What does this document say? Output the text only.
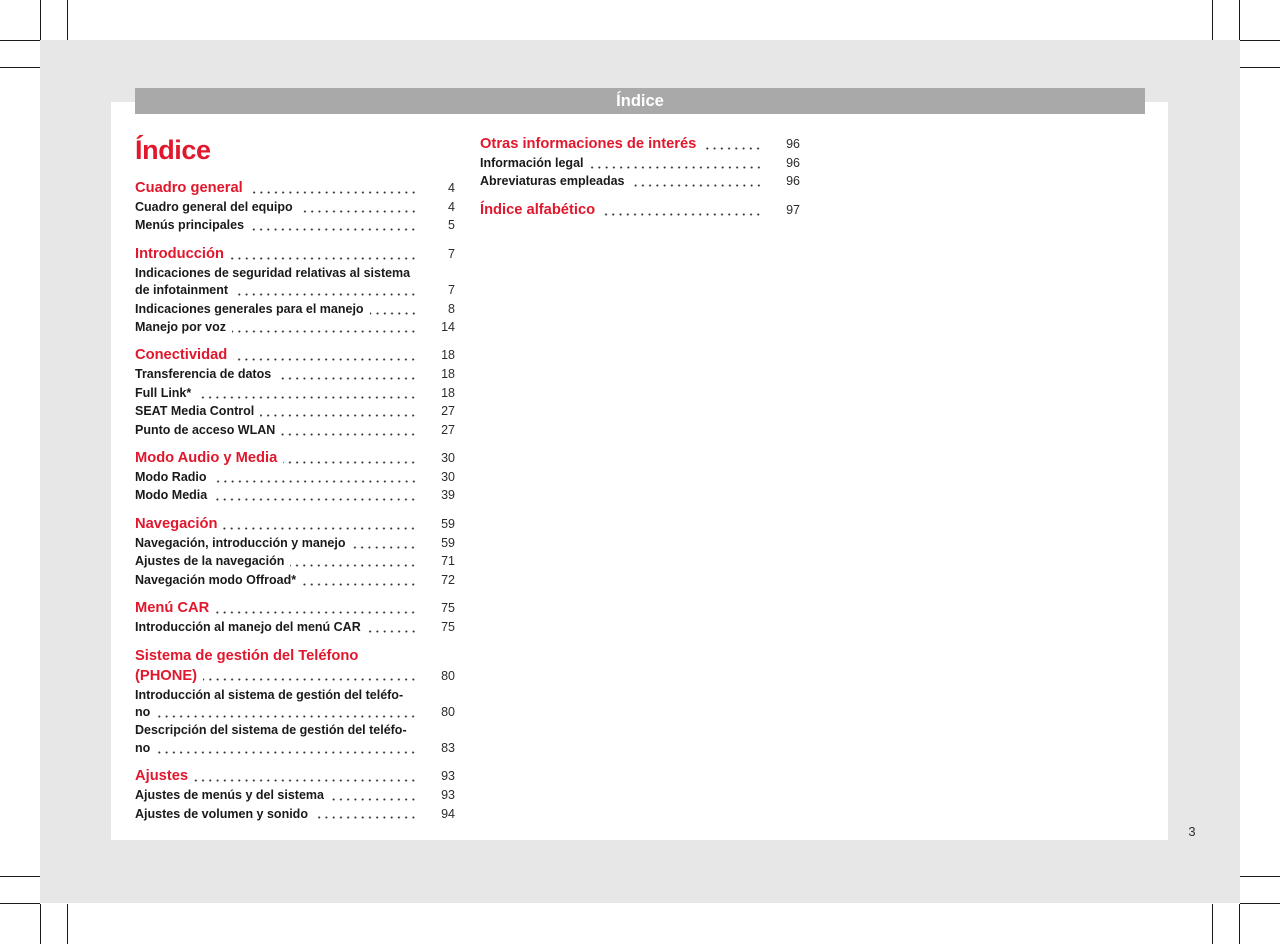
Índice
Índice
Cuadro general	4
Cuadro general del equipo	4
Menús principales	5
Introducción	7
Indicaciones de seguridad relativas al sistema
de infotainment	7
Indicaciones generales para el manejo	8
Manejo por voz	14
Conectividad	18
Transferencia de datos	18
Full Link*	18
SEAT Media Control	27
Punto de acceso WLAN	27
Modo Audio y Media	30
Modo Radio	30
Modo Media	39
Navegación	59
Navegación, introducción y manejo	59
Ajustes de la navegación	71
Navegación modo Offroad*	72
Menú CAR	75
Introducción al manejo del menú CAR	75
Sistema de gestión del Teléfono
(PHONE)	80
Introducción al sistema de gestión del teléfo-
no	80
Descripción del sistema de gestión del teléfo-
no	83
Ajustes	93
Ajustes de menús y del sistema	93
Ajustes de volumen y sonido	94
Otras informaciones de interés	96
Información legal	96
Abreviaturas empleadas	96
Índice alfabético	97
3
